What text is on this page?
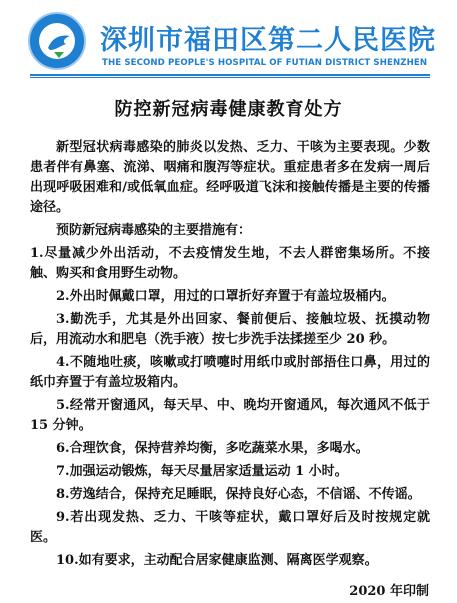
深圳市福田区第二人民医院
THE SECOND PEOPLE'S HOSPITAL OF FUTIAN DISTRICT SHENZHEN
防控新冠病毒健康教育处方

新型冠状病毒感染的肺炎以发热、乏力、干咳为主要表现。少数患者伴有鼻塞、流涕、咽痛和腹泻等症状。重症患者多在发病一周后出现呼吸困难和/或低氧血症。经呼吸道飞沫和接触传播是主要的传播途径。

预防新冠病毒感染的主要措施有：

1.尽量减少外出活动，不去疫情发生地，不去人群密集场所。不接触、购买和食用野生动物。

2.外出时佩戴口罩，用过的口罩折好弃置于有盖垃圾桶内。

3.勤洗手，尤其是外出回家、餐前便后、接触垃圾、抚摸动物后，用流动水和肥皂（洗手液）按七步洗手法揉搓至少 20 秒。

4.不随地吐痰，咳嗽或打喷嚏时用纸巾或肘部捂住口鼻，用过的纸巾弃置于有盖垃圾箱内。

5.经常开窗通风，每天早、中、晚均开窗通风，每次通风不低于 15 分钟。

6.合理饮食，保持营养均衡，多吃蔬菜水果，多喝水。

7.加强运动锻炼，每天尽量居家适量运动 1 小时。

8.劳逸结合，保持充足睡眠，保持良好心态，不信谣、不传谣。

9.若出现发热、乏力、干咳等症状，戴口罩好后及时按规定就医。

10.如有要求，主动配合居家健康监测、隔离医学观察。

2020 年印制
